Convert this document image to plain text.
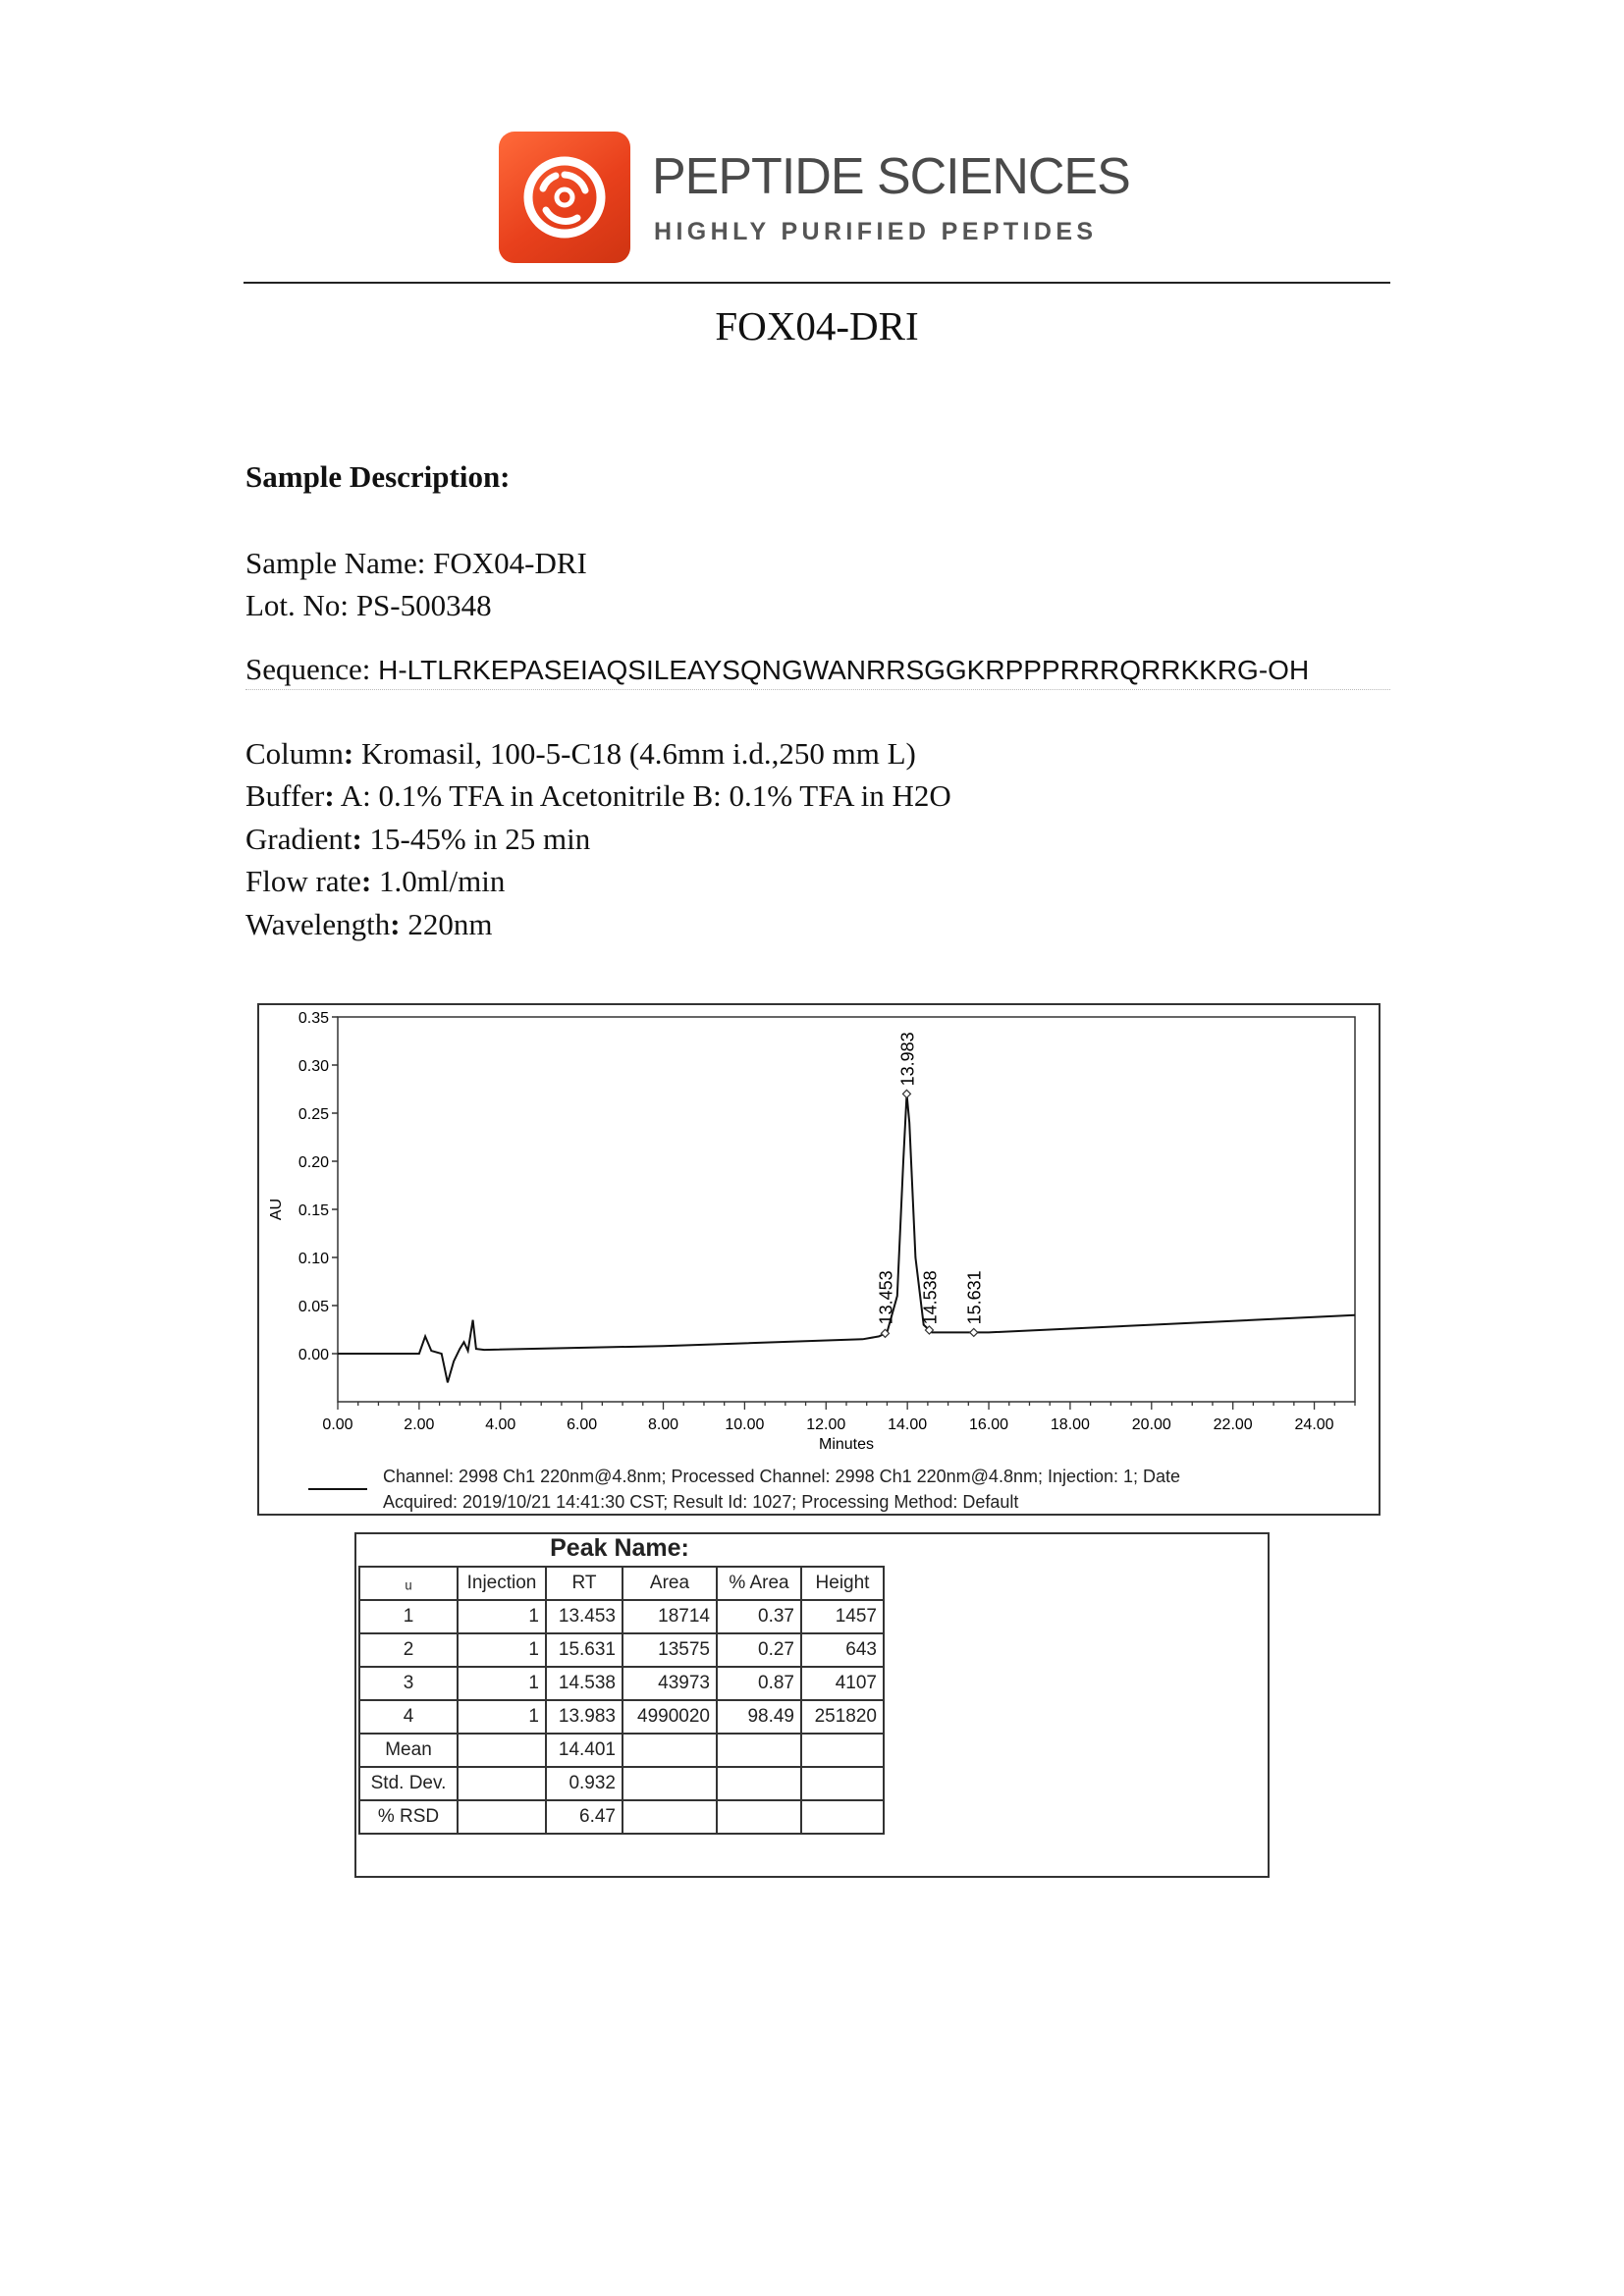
PEPTIDE SCIENCES
HIGHLY PURIFIED PEPTIDES
FOX04-DRI
Sample Description:
Sample Name: FOX04-DRI
Lot. No: PS-500348
Sequence: H-LTLRKEPASEIAQSILEAYSQNGWANRRSGGKRPPPRRRQRRKKRG-OH
Column: Kromasil, 100-5-C18 (4.6mm i.d.,250 mm L)
Buffer: A: 0.1% TFA in Acetonitrile B: 0.1% TFA in H2O
Gradient: 15-45% in 25 min
Flow rate: 1.0ml/min
Wavelength: 220nm
0.00
0.05
0.10
0.15
0.20
0.25
0.30
0.35
0.00	2.00	4.00	6.00	8.00	10.00	12.00	14.00	16.00	18.00	20.00	22.00	24.00
13.453
13.983
14.538 15.631
Minutes
AU
Channel: 2998 Ch1 220nm@4.8nm; Processed Channel: 2998 Ch1 220nm@4.8nm; Injection: 1; Date
Acquired: 2019/10/21 14:41:30 CST; Result Id: 1027; Processing Method: Default
Peak Name:
ᵤ	Injection	RT	Area	% Area	Height
1	1	13.453	18714	0.37	1457
2	1	15.631	13575	0.27	643
3	1	14.538	43973	0.87	4107
4	1	13.983	4990020	98.49	251820
Mean		14.401			
Std. Dev.		0.932			
% RSD		6.47			
